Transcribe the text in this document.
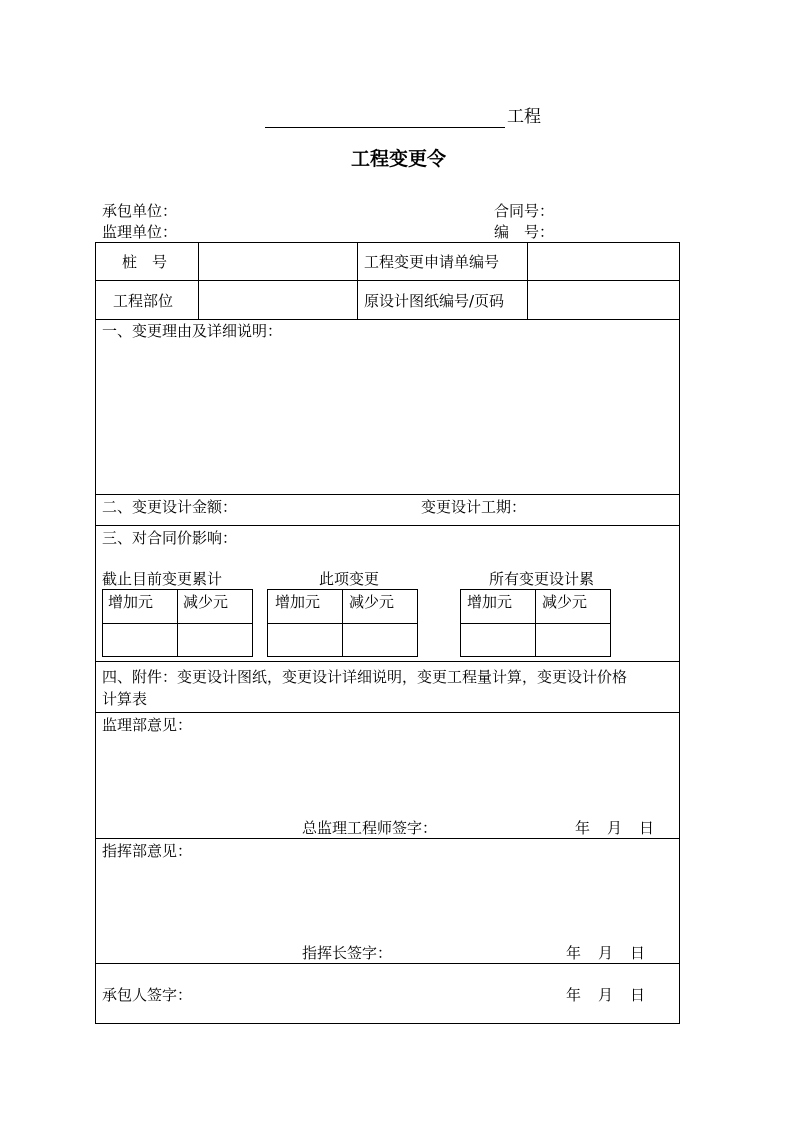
工程
工程变更令
承包单位：	合同号：
监理单位：	编　号：
桩　号	工程变更申请单编号
工程部位	原设计图纸编号/页码
一、变更理由及详细说明：
二、变更设计金额：	变更设计工期：
三、对合同价影响：
截止目前变更累计	此项变更	所有变更设计累
增加元 减少元	增加元 减少元	增加元 减少元
四、附件：变更设计图纸，变更设计详细说明，变更工程量计算，变更设计价格
计算表
监理部意见：
总监理工程师签字：	年 月 日
指挥部意见：
指挥长签字：	年 月 日
承包人签字：	年 月 日
